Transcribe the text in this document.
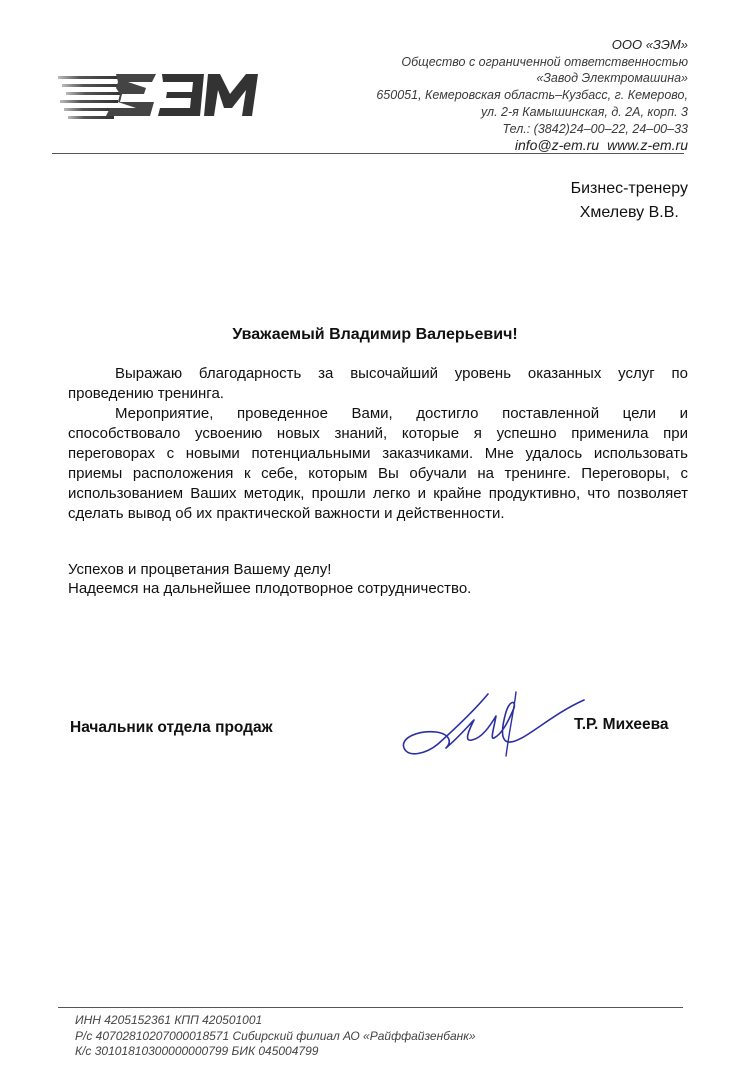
ООО «ЗЭМ»
Общество с ограниченной ответственностью
«Завод Электромашина»
650051, Кемеровская область–Кузбасс, г. Кемерово,
ул. 2-я Камышинская, д. 2А, корп. 3
Тел.: (3842)24–00–22, 24–00–33
info@z-em.ru www.z-em.ru
Бизнес-тренеру
Хмелеву В.В.
Уважаемый Владимир Валерьевич!

Выражаю благодарность за высочайший уровень оказанных услуг по проведению тренинга.

Мероприятие, проведенное Вами, достигло поставленной цели и способствовало усвоению новых знаний, которые я успешно применила при переговорах с новыми потенциальными заказчиками. Мне удалось использовать приемы расположения к себе, которым Вы обучали на тренинге. Переговоры, с использованием Ваших методик, прошли легко и крайне продуктивно, что позволяет сделать вывод об их практической важности и действенности.

Успехов и процветания Вашему делу!
Надеемся на дальнейшее плодотворное сотрудничество.
Начальник отдела продаж	Т.Р. Михеева
ИНН 4205152361 КПП 420501001
Р/с 40702810207000018571 Сибирский филиал АО «Райффайзенбанк»
К/с 30101810300000000799 БИК 045004799
